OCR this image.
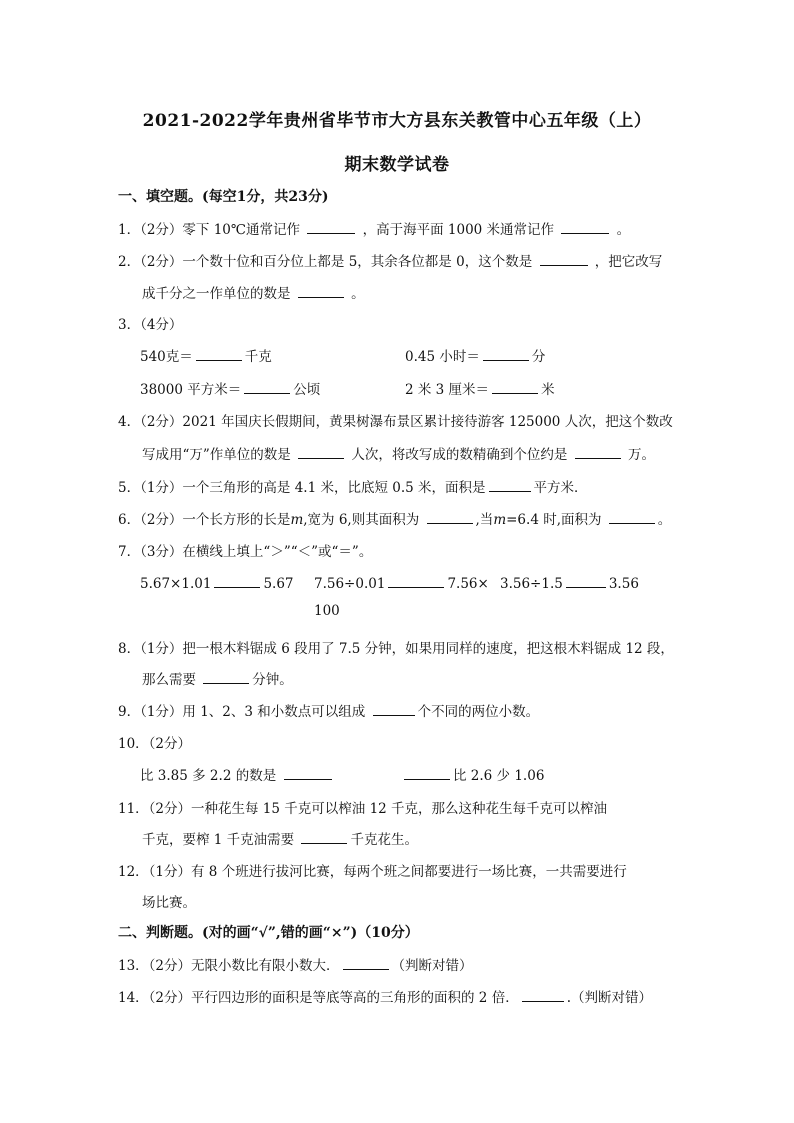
2021-2022学年贵州省毕节市大方县东关教管中心五年级（上）
期末数学试卷
一、填空题。(每空1分，共23分)
1．（2分）零下 10℃通常记作	，高于海平面 1000 米通常记作	。
2．（2分）一个数十位和百分位上都是 5，其余各位都是 0，这个数是	，把它改写
成千分之一作单位的数是	。
3．（4分）
540克＝	千克	0.45 小时＝	分
38000 平方米＝	公顷	2 米 3 厘米＝	米
4．（2分）2021 年国庆长假期间，黄果树瀑布景区累计接待游客 125000 人次，把这个数改
写成用“万”作单位的数是	人次，将改写成的数精确到个位约是	万。
5．（1分）一个三角形的高是 4.1 米，比底短 0.5 米，面积是	平方米．
6．（2分）一个长方形的长是m,宽为 6,则其面积为	,当m=6.4 时,面积为	。
7．（3分）在横线上填上“＞”“＜”或“＝”。
5.67×1.01	5.67 7.56÷0.01	7.56×
100
3.56÷1.5	3.56
8．（1分）把一根木料锯成 6 段用了 7.5 分钟，如果用同样的速度，把这根木料锯成 12 段，
那么需要	分钟。
9．（1分）用 1、2、3 和小数点可以组成	个不同的两位小数。
10．（2分）
比 3.85 多 2.2 的数是	比 2.6 少 1.06
11．（2分）一种花生每 15 千克可以榨油 12 千克，那么这种花生每千克可以榨油
千克，要榨 1 千克油需要	千克花生。
12．（1分）有 8 个班进行拔河比赛，每两个班之间都要进行一场比赛，一共需要进行
场比赛。
二、判断题。(对的画“√”,错的画“×”)（10分）
13．（2分）无限小数比有限小数大．	（判断对错）
14．（2分）平行四边形的面积是等底等高的三角形的面积的 2 倍．	.（判断对错）
